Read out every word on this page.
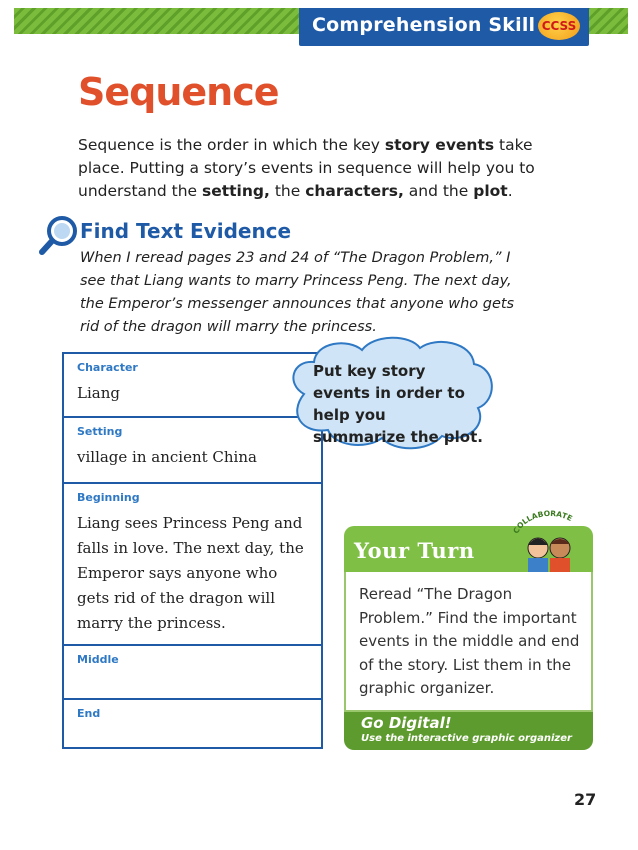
Comprehension Skill CCSS
Sequence
Sequence is the order in which the key story events take place. Putting a story’s events in sequence will help you to understand the setting, the characters, and the plot.
Find Text Evidence
When I reread pages 23 and 24 of “The Dragon Problem,” I see that Liang wants to marry Princess Peng. The next day, the Emperor’s messenger announces that anyone who gets rid of the dragon will marry the princess.
Character
Liang
Setting
village in ancient China
Beginning
Liang sees Princess Peng and falls in love. The next day, the Emperor says anyone who gets rid of the dragon will marry the princess.
Middle
End
Put key story events in order to help you summarize the plot.
Your Turn
COLLABORATE
Reread “The Dragon Problem.” Find the important events in the middle and end of the story. List them in the graphic organizer.
Go Digital!
Use the interactive graphic organizer
27
